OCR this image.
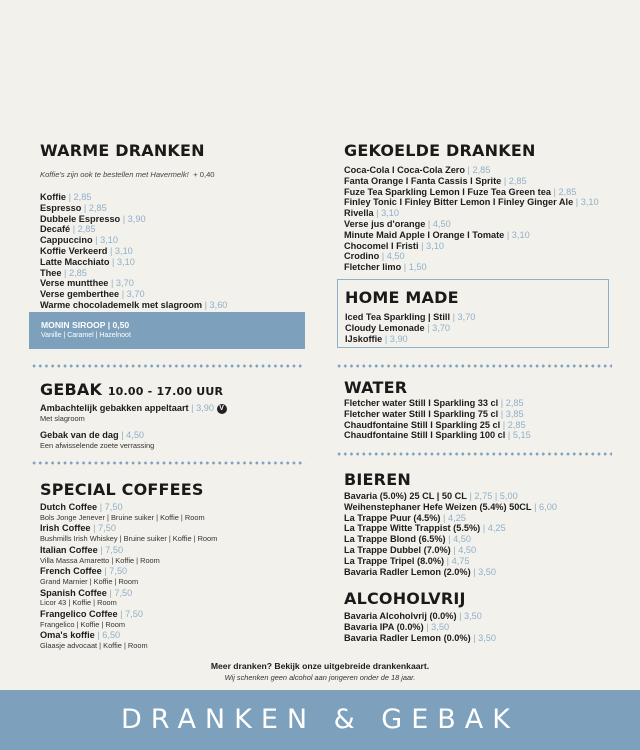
WARME DRANKEN
Koffie's zijn ook te bestellen met Havermelk! + 0,40
Koffie | 2,85
Espresso | 2,85
Dubbele Espresso | 3,90
Decafé | 2,85
Cappuccino | 3,10
Koffie Verkeerd | 3,10
Latte Macchiato | 3,10
Thee | 2,85
Verse muntthee | 3,70
Verse gemberthee | 3,70
Warme chocolademelk met slagroom | 3,60
MONIN SIROOP | 0,50
Vanille | Caramel | Hazelnoot
GEBAK 10.00 - 17.00 UUR
Ambachtelijk gebakken appeltaart | 3,90 V
Met slagroom
Gebak van de dag | 4,50
Een afwisselende zoete verrassing
SPECIAL COFFEES
Dutch Coffee | 7,50
Bols Jonge Jenever | Bruine suiker | Koffie | Room
Irish Coffee | 7,50
Bushmills Irish Whiskey | Bruine suiker | Koffie | Room
Italian Coffee | 7,50
Villa Massa Amaretto | Koffie | Room
French Coffee | 7,50
Grand Marnier | Koffie | Room
Spanish Coffee | 7,50
Licor 43 | Koffie | Room
Frangelico Coffee | 7,50
Frangelico | Koffie | Room
Oma's koffie | 6,50
Glaasje advocaat | Koffie | Room
GEKOELDE DRANKEN
Coca-Cola I Coca-Cola Zero | 2,85
Fanta Orange I Fanta Cassis I Sprite | 2,85
Fuze Tea Sparkling Lemon I Fuze Tea Green tea | 2,85
Finley Tonic I Finley Bitter Lemon I Finley Ginger Ale | 3,10
Rivella | 3,10
Verse jus d'orange | 4,50
Minute Maid Apple I Orange I Tomate | 3,10
Chocomel I Fristi | 3,10
Crodino | 4,50
Fletcher limo | 1,50
HOME MADE
Iced Tea Sparkling | Still | 3,70
Cloudy Lemonade | 3,70
IJskoffie | 3,90
WATER
Fletcher water Still I Sparkling 33 cl | 2,85
Fletcher water Still I Sparkling 75 cl | 3,85
Chaudfontaine Still I Sparkling 25 cl | 2,85
Chaudfontaine Still I Sparkling 100 cl | 5,15
BIEREN
Bavaria (5.0%) 25 CL | 50 CL | 2,75 | 5,00
Weihenstephaner Hefe Weizen (5.4%) 50CL | 6,00
La Trappe Puur (4.5%) | 4,25
La Trappe Witte Trappist (5.5%) | 4,25
La Trappe Blond (6.5%) | 4,50
La Trappe Dubbel (7.0%) | 4,50
La Trappe Tripel (8.0%) | 4,75
Bavaria Radler Lemon (2.0%) | 3,50
ALCOHOLVRIJ
Bavaria Alcoholvrij (0.0%) | 3,50
Bavaria IPA (0.0%) | 3,50
Bavaria Radler Lemon (0.0%) | 3,50
Meer dranken? Bekijk onze uitgebreide drankenkaart.
Wij schenken geen alcohol aan jongeren onder de 18 jaar.
DRANKEN & GEBAK
